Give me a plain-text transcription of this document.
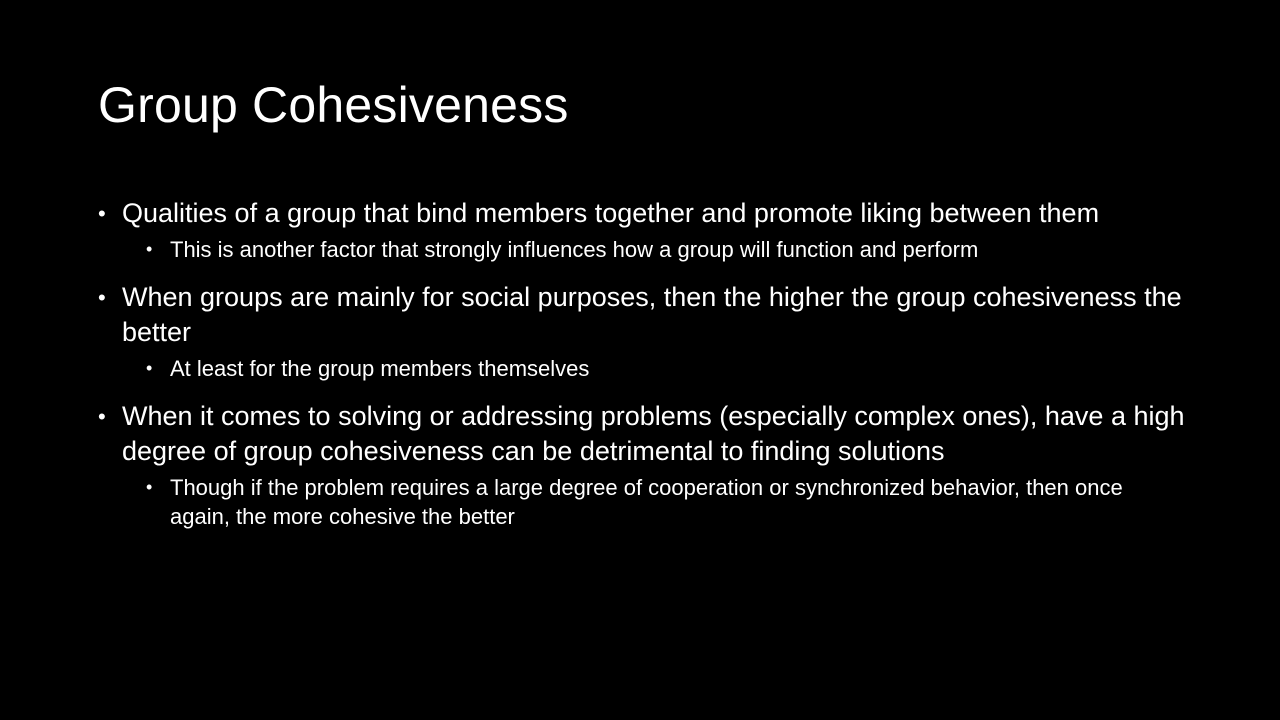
Group Cohesiveness
• Qualities of a group that bind members together and promote liking between them
• This is another factor that strongly influences how a group will function and perform
• When groups are mainly for social purposes, then the higher the group cohesiveness the better
• At least for the group members themselves
• When it comes to solving or addressing problems (especially complex ones), have a high degree of group cohesiveness can be detrimental to finding solutions
• Though if the problem requires a large degree of cooperation or synchronized behavior, then once again, the more cohesive the better
